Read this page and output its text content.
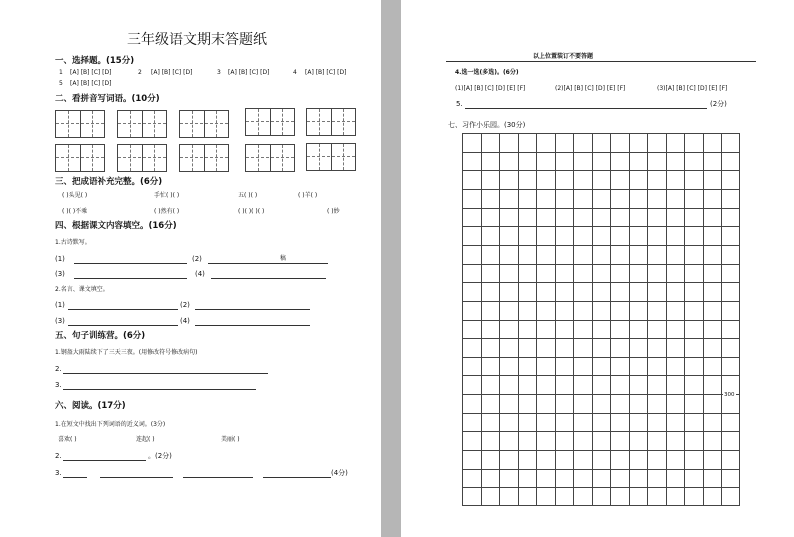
三年级语文期末答题纸
一、选择题。(15分)
1 [A] [B] [C] [D]	2 [A] [B] [C] [D]	3 [A] [B] [C] [D]	4 [A] [B] [C] [D]
5 [A] [B] [C] [D]
二、看拼音写词语。(10分)
三、把成语补充完整。(6分)
( )头见( )	手忙( )( )	五( )( )	( )羊( )
( )( )不乘	( )然有( )	( )( )( )( )	( )妙
四、根据课文内容填空。(16分)
1.古诗默写。
(1)	(2)	稿
(3)	(4)
2.名言、课文填空。
(1)	(2)
(3)	(4)
五、句子训练营。(6分)
1.钢盔大雨陆续下了三天三夜。(用修改符号修改病句)
2.
3.
六、阅读。(17分)
1.在短文中找出下列词语的近义词。(3分)
喜欢( )	连起( )	美丽( )
2.	。(2分)
3.	(4分)
以上位置装订不要答题
4.选一选(多选)。(6分)
(1)[A] [B] [C] [D] [E] [F]	(2)[A] [B] [C] [D] [E] [F]	(3)[A] [B] [C] [D] [E] [F]
5.	(2分)
七、习作小乐园。(30分)
300
